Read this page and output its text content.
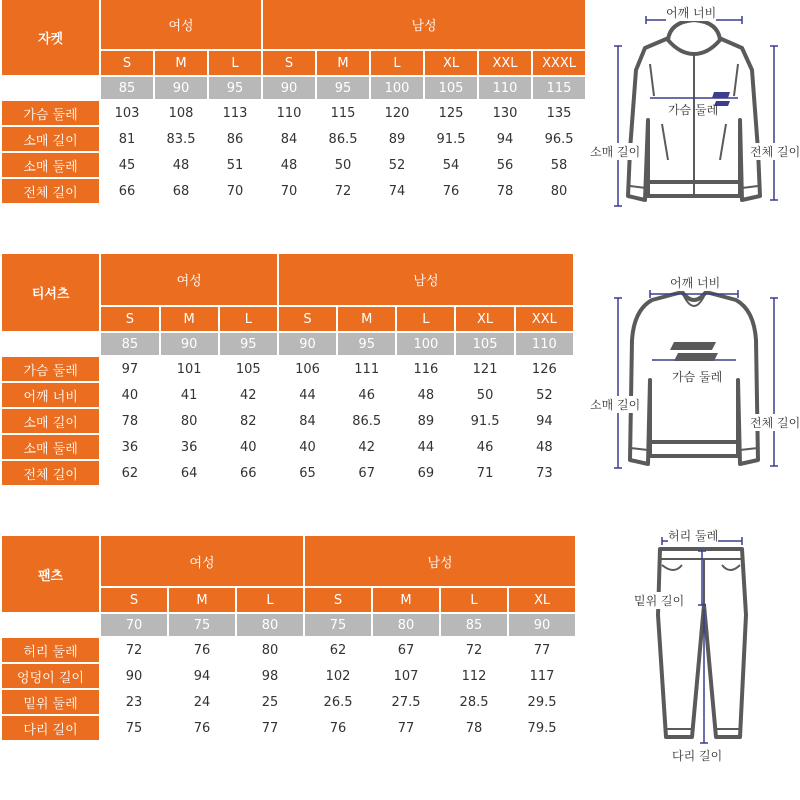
자켓	여성			남성					
	S	M	L	S	M	L	XL	XXL	XXXL
	85	90	95	90	95	100	105	110	115
가슴 둘레	103	108	113	110	115	120	125	130	135
소매 길이	81	83.5	86	84	86.5	89	91.5	94	96.5
소매 둘레	45	48	51	48	50	52	54	56	58
전체 길이	66	68	70	70	72	74	76	78	80
티셔츠	여성			남성				
	S	M	L	S	M	L	XL	XXL
	85	90	95	90	95	100	105	110
가슴 둘레	97	101	105	106	111	116	121	126
어깨 너비	40	41	42	44	46	48	50	52
소매 길이	78	80	82	84	86.5	89	91.5	94
소매 둘레	36	36	40	40	42	44	46	48
전체 길이	62	64	66	65	67	69	71	73
팬츠	여성			남성			
	S	M	L	S	M	L	XL
	70	75	80	75	80	85	90
허리 둘레	72	76	80	62	67	72	77
엉덩이 길이	90	94	98	102	107	112	117
밑위 둘레	23	24	25	26.5	27.5	28.5	29.5
다리 길이	75	76	77	76	77	78	79.5
어깨 너비
가슴 둘레
소매 길이	전체 길이
어깨 너비
가슴 둘레
소매 길이
전체 길이
허리 둘레
밑위 길이
다리 길이
